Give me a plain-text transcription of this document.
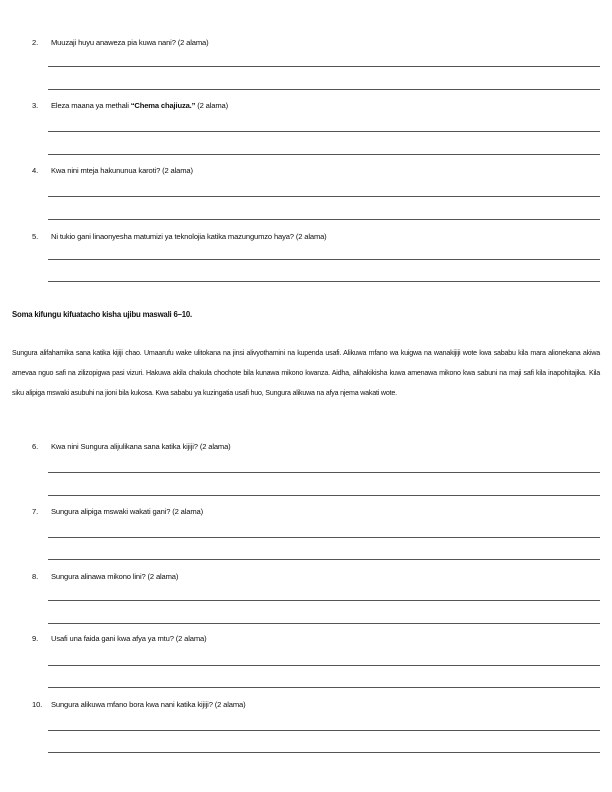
2. Muuzaji huyu anaweza pia kuwa nani? (2 alama)
3. Eleza maana ya methali “Chema chajiuza.” (2 alama)
4. Kwa nini mteja hakununua karoti? (2 alama)
5. Ni tukio gani linaonyesha matumizi ya teknolojia katika mazungumzo haya? (2 alama)
Soma kifungu kifuatacho kisha ujibu maswali 6–10.
Sungura alifahamika sana katika kijiji chao. Umaarufu wake ulitokana na jinsi alivyothamini na kupenda usafi. Alikuwa mfano wa kuigwa na wanakijiji wote kwa sababu kila mara alionekana akiwa amevaa nguo safi na zilizopigwa pasi vizuri. Hakuwa akila chakula chochote bila kunawa mikono kwanza. Aidha, alihakikisha kuwa amenawa mikono kwa sabuni na maji safi kila inapohitajika. Kila siku alipiga mswaki asubuhi na jioni bila kukosa. Kwa sababu ya kuzingatia usafi huo, Sungura alikuwa na afya njema wakati wote.
6. Kwa nini Sungura alijulikana sana katika kijiji? (2 alama)
7. Sungura alipiga mswaki wakati gani? (2 alama)
8. Sungura alinawa mikono lini? (2 alama)
9. Usafi una faida gani kwa afya ya mtu? (2 alama)
10. Sungura alikuwa mfano bora kwa nani katika kijiji? (2 alama)
